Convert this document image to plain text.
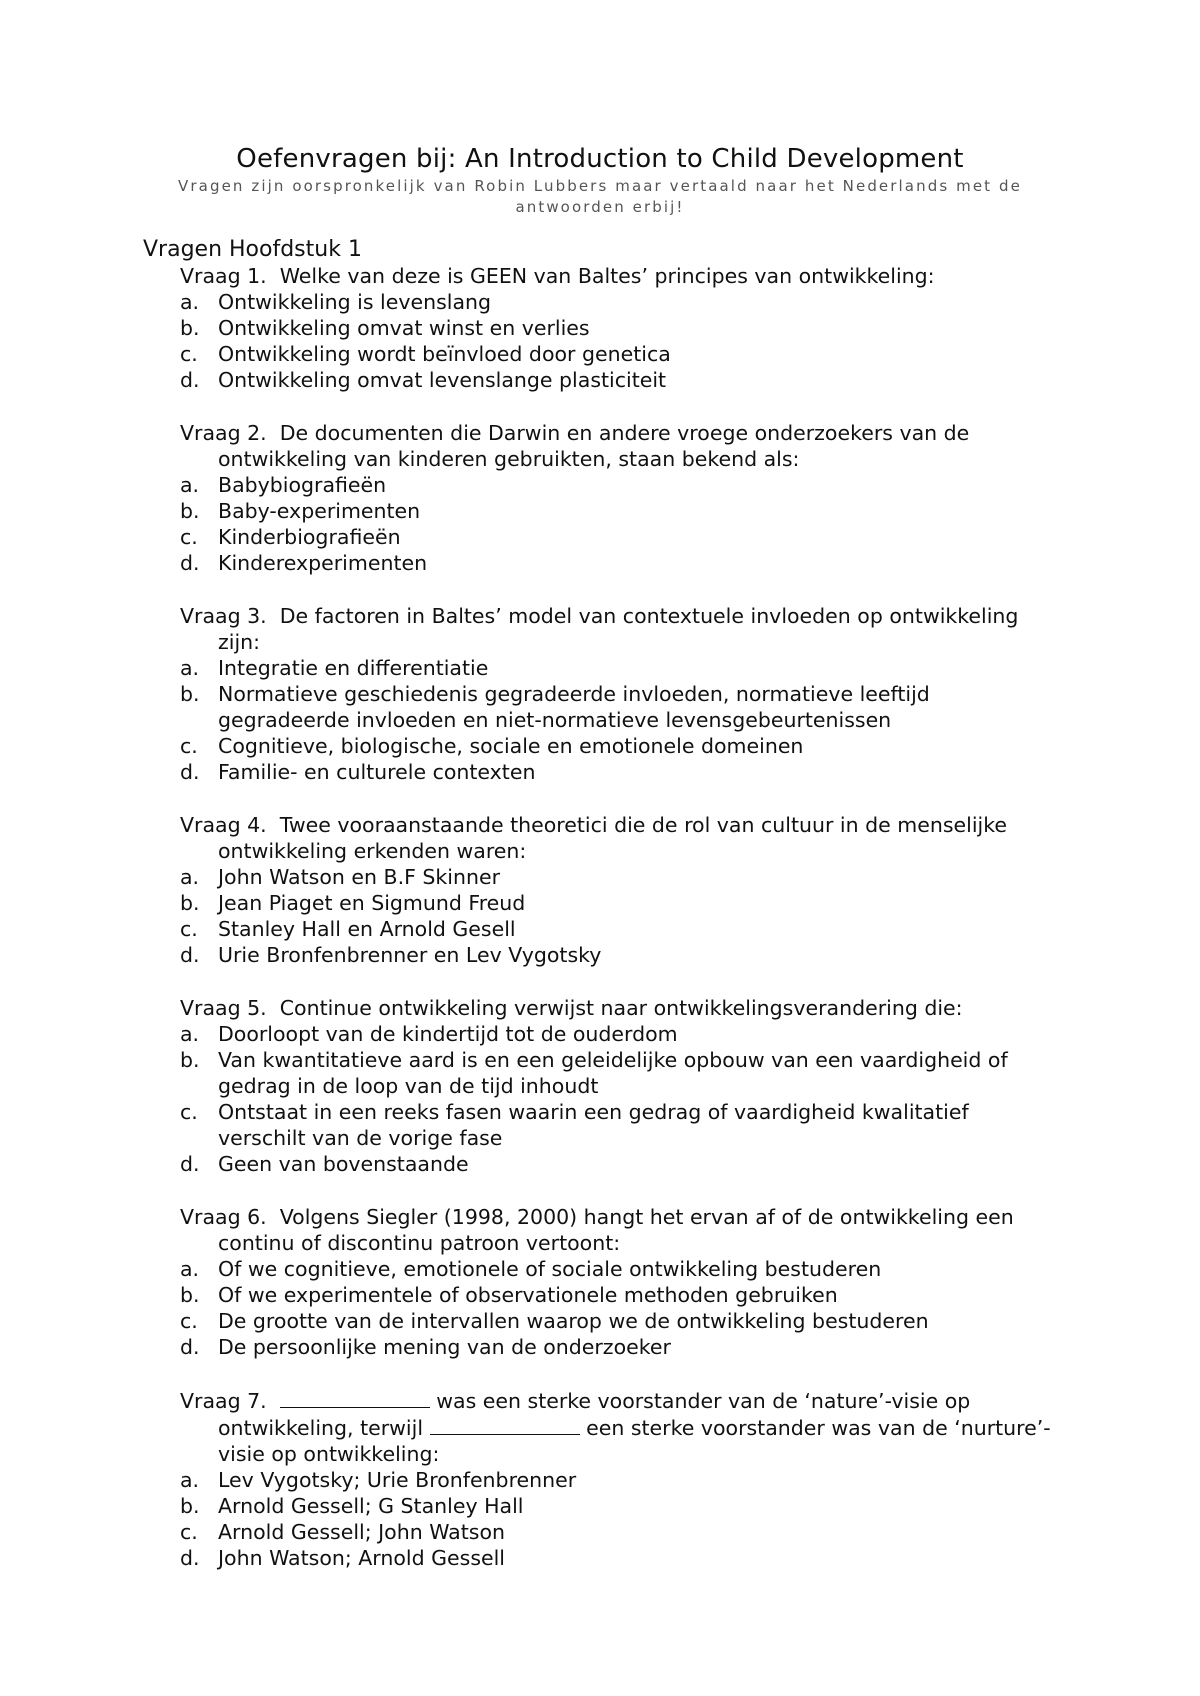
Oefenvragen bij: An Introduction to Child Development

Vragen zijn oorspronkelijk van Robin Lubbers maar vertaald naar het Nederlands met de antwoorden erbij!

Vragen Hoofdstuk 1
Vraag 1. Welke van deze is GEEN van Baltes’ principes van ontwikkeling:
a. Ontwikkeling is levenslang
b. Ontwikkeling omvat winst en verlies
c. Ontwikkeling wordt beïnvloed door genetica
d. Ontwikkeling omvat levenslange plasticiteit
Vraag 2. De documenten die Darwin en andere vroege onderzoekers van de ontwikkeling van kinderen gebruikten, staan bekend als:
a. Babybiografieën
b. Baby-experimenten
c. Kinderbiografieën
d. Kinderexperimenten
Vraag 3. De factoren in Baltes’ model van contextuele invloeden op ontwikkeling zijn:
a. Integratie en differentiatie
b. Normatieve geschiedenis gegradeerde invloeden, normatieve leeftijd gegradeerde invloeden en niet-normatieve levensgebeurtenissen
c. Cognitieve, biologische, sociale en emotionele domeinen
d. Familie- en culturele contexten
Vraag 4. Twee vooraanstaande theoretici die de rol van cultuur in de menselijke ontwikkeling erkenden waren:
a. John Watson en B.F Skinner
b. Jean Piaget en Sigmund Freud
c. Stanley Hall en Arnold Gesell
d. Urie Bronfenbrenner en Lev Vygotsky
Vraag 5. Continue ontwikkeling verwijst naar ontwikkelingsverandering die:
a. Doorloopt van de kindertijd tot de ouderdom
b. Van kwantitatieve aard is en een geleidelijke opbouw van een vaardigheid of gedrag in de loop van de tijd inhoudt
c. Ontstaat in een reeks fasen waarin een gedrag of vaardigheid kwalitatief verschilt van de vorige fase
d. Geen van bovenstaande
Vraag 6. Volgens Siegler (1998, 2000) hangt het ervan af of de ontwikkeling een continu of discontinu patroon vertoont:
a. Of we cognitieve, emotionele of sociale ontwikkeling bestuderen
b. Of we experimentele of observationele methoden gebruiken
c. De grootte van de intervallen waarop we de ontwikkeling bestuderen
d. De persoonlijke mening van de onderzoeker
Vraag 7.	was een sterke voorstander van de ‘nature’-visie op ontwikkeling, terwijl	een sterke voorstander was van de ‘nurture’-visie op ontwikkeling:
a. Lev Vygotsky; Urie Bronfenbrenner
b. Arnold Gessell; G Stanley Hall
c. Arnold Gessell; John Watson
d. John Watson; Arnold Gessell
